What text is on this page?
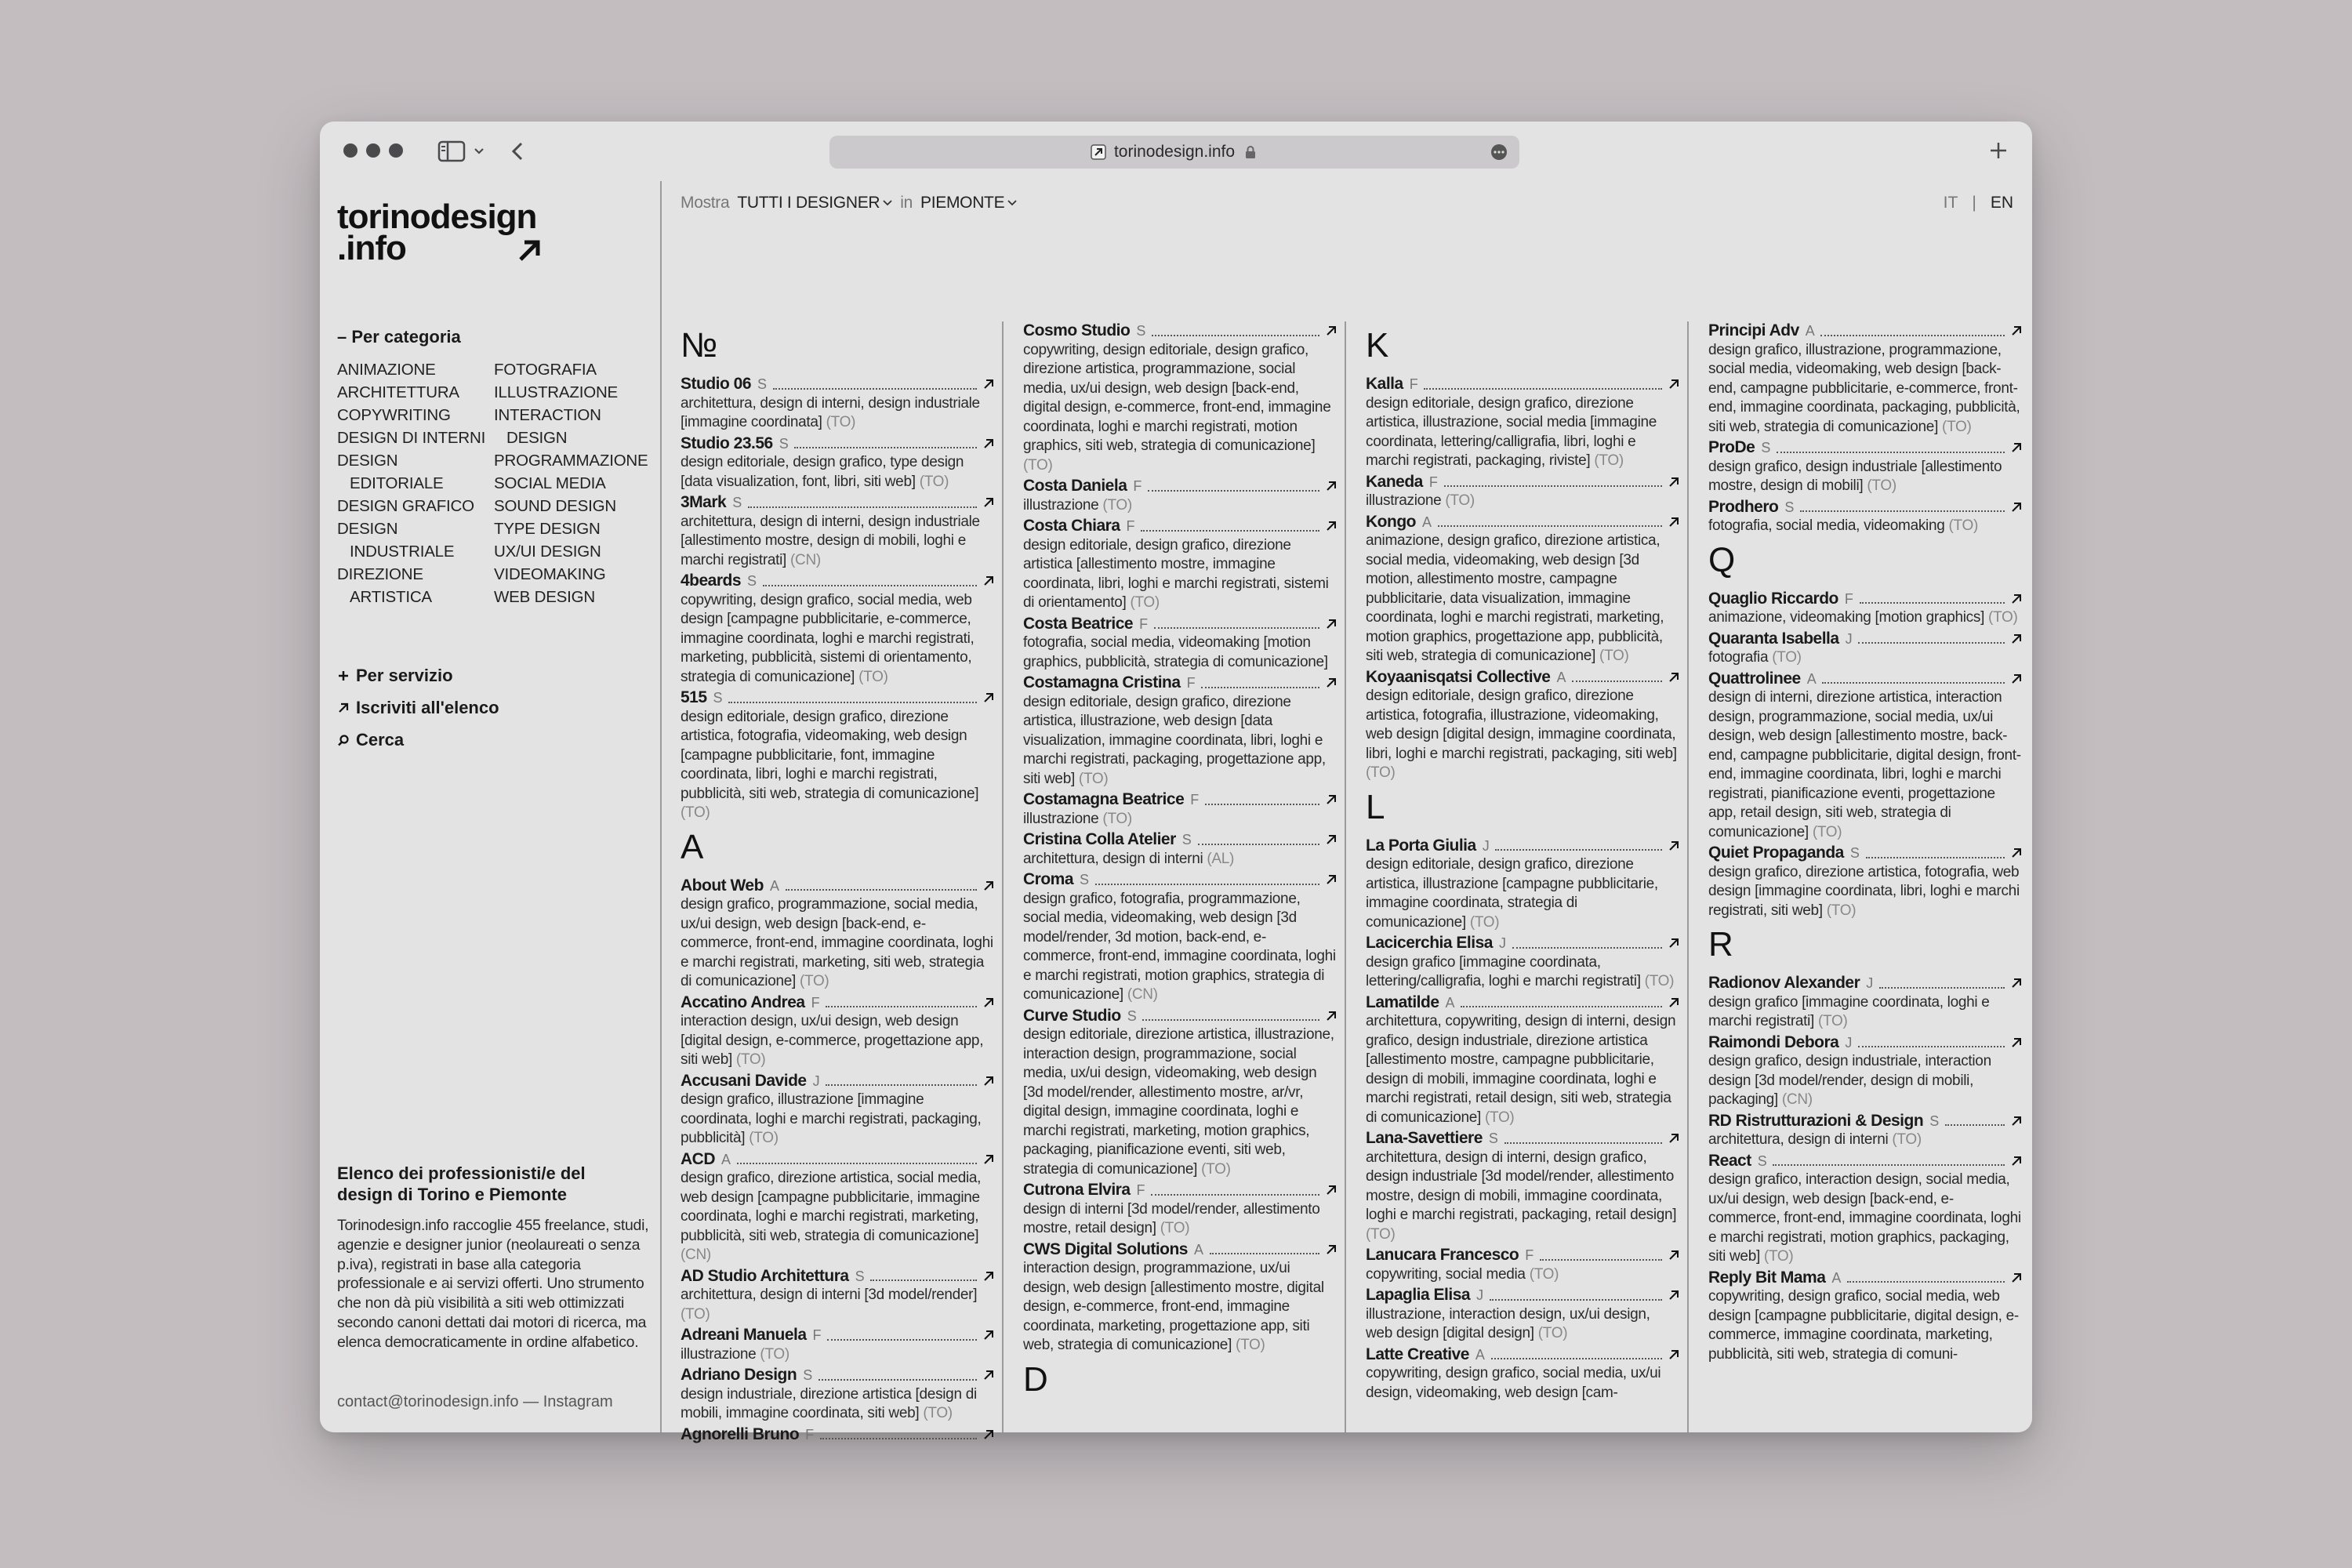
torinodesign.info
torinodesign
.info
– Per categoria
ANIMAZIONE
ARCHITETTURA
COPYWRITING
DESIGN DI INTERNI
DESIGN
EDITORIALE
DESIGN GRAFICO
DESIGN
INDUSTRIALE
DIREZIONE
ARTISTICA
FOTOGRAFIA
ILLUSTRAZIONE
INTERACTION
DESIGN
PROGRAMMAZIONE
SOCIAL MEDIA
SOUND DESIGN
TYPE DESIGN
UX/UI DESIGN
VIDEOMAKING
WEB DESIGN
Per servizio
Iscriviti all'elenco
Cerca
Elenco dei professionisti/e del design di Torino e Piemonte
Torinodesign.info raccoglie 455 freelance, studi, agenzie e designer junior (neolaureati o senza p.iva), registrati in base alla categoria professionale e ai servizi offerti. Uno strumento che non dà più visibilità a siti web ottimizzati secondo canoni dettati dai motori di ricerca, ma elenca democraticamente in ordine alfabetico.
contact@torinodesign.info — Instagram
Mostra TUTTI I DESIGNER in PIEMONTE	IT | EN
№
Studio 06 S
architettura, design di interni, design industriale [immagine coordinata] (TO)
Studio 23.56 S
design editoriale, design grafico, type design [data visualization, font, libri, siti web] (TO)
3Mark S
architettura, design di interni, design industriale [allestimento mostre, design di mobili, loghi e marchi registrati] (CN)
4beards S
copywriting, design grafico, social media, web design [campagne pubblicitarie, e-commerce, immagine coordinata, loghi e marchi registrati, marketing, pubblicità, sistemi di orientamento, strategia di comunicazione] (TO)
515 S
design editoriale, design grafico, direzione artistica, fotografia, videomaking, web design [campagne pubblicitarie, font, immagine coordinata, libri, loghi e marchi registrati, pubblicità, siti web, strategia di comunicazione] (TO)
A
About Web A
design grafico, programmazione, social media, ux/ui design, web design [back-end, e-commerce, front-end, immagine coordinata, loghi e marchi registrati, marketing, siti web, strategia di comunicazione] (TO)
Accatino Andrea F
interaction design, ux/ui design, web design [digital design, e-commerce, progettazione app, siti web] (TO)
Accusani Davide J
design grafico, illustrazione [immagine coordinata, loghi e marchi registrati, packaging, pubblicità] (TO)
ACD A
design grafico, direzione artistica, social media, web design [campagne pubblicitarie, immagine coordinata, loghi e marchi registrati, marketing, pubblicità, siti web, strategia di comunicazione] (CN)
AD Studio Architettura S
architettura, design di interni [3d model/render] (TO)
Adreani Manuela F
illustrazione (TO)
Adriano Design S
design industriale, direzione artistica [design di mobili, immagine coordinata, siti web] (TO)
Agnorelli Bruno F
Cosmo Studio S
copywriting, design editoriale, design grafico, direzione artistica, programmazione, social media, ux/ui design, web design [back-end, digital design, e-commerce, front-end, immagine coordinata, loghi e marchi registrati, motion graphics, siti web, strategia di comunicazione] (TO)
Costa Daniela F
illustrazione (TO)
Costa Chiara F
design editoriale, design grafico, direzione artistica [allestimento mostre, immagine coordinata, libri, loghi e marchi registrati, sistemi di orientamento] (TO)
Costa Beatrice F
fotografia, social media, videomaking [motion graphics, pubblicità, strategia di comunicazione]
Costamagna Cristina F
design editoriale, design grafico, direzione artistica, illustrazione, web design [data visualization, immagine coordinata, libri, loghi e marchi registrati, packaging, progettazione app, siti web] (TO)
Costamagna Beatrice F
illustrazione (TO)
Cristina Colla Atelier S
architettura, design di interni (AL)
Croma S
design grafico, fotografia, programmazione, social media, videomaking, web design [3d model/render, 3d motion, back-end, e-commerce, front-end, immagine coordinata, loghi e marchi registrati, motion graphics, strategia di comunicazione] (CN)
Curve Studio S
design editoriale, direzione artistica, illustrazione, interaction design, programmazione, social media, ux/ui design, videomaking, web design [3d model/render, allestimento mostre, ar/vr, digital design, immagine coordinata, loghi e marchi registrati, marketing, motion graphics, packaging, pianificazione eventi, siti web, strategia di comunicazione] (TO)
Cutrona Elvira F
design di interni [3d model/render, allestimento mostre, retail design] (TO)
CWS Digital Solutions A
interaction design, programmazione, ux/ui design, web design [allestimento mostre, digital design, e-commerce, front-end, immagine coordinata, marketing, progettazione app, siti web, strategia di comunicazione] (TO)
D
K
Kalla F
design editoriale, design grafico, direzione artistica, illustrazione, social media [immagine coordinata, lettering/calligrafia, libri, loghi e marchi registrati, packaging, riviste] (TO)
Kaneda F
illustrazione (TO)
Kongo A
animazione, design grafico, direzione artistica, social media, videomaking, web design [3d motion, allestimento mostre, campagne pubblicitarie, data visualization, immagine coordinata, loghi e marchi registrati, marketing, motion graphics, progettazione app, pubblicità, siti web, strategia di comunicazione] (TO)
Koyaanisqatsi Collective A
design editoriale, design grafico, direzione artistica, fotografia, illustrazione, videomaking, web design [digital design, immagine coordinata, libri, loghi e marchi registrati, packaging, siti web] (TO)
L
La Porta Giulia J
design editoriale, design grafico, direzione artistica, illustrazione [campagne pubblicitarie, immagine coordinata, strategia di comunicazione] (TO)
Lacicerchia Elisa J
design grafico [immagine coordinata, lettering/calligrafia, loghi e marchi registrati] (TO)
Lamatilde A
architettura, copywriting, design di interni, design grafico, design industriale, direzione artistica [allestimento mostre, campagne pubblicitarie, design di mobili, immagine coordinata, loghi e marchi registrati, retail design, siti web, strategia di comunicazione] (TO)
Lana-Savettiere S
architettura, design di interni, design grafico, design industriale [3d model/render, allestimento mostre, design di mobili, immagine coordinata, loghi e marchi registrati, packaging, retail design] (TO)
Lanucara Francesco F
copywriting, social media (TO)
Lapaglia Elisa J
illustrazione, interaction design, ux/ui design, web design [digital design] (TO)
Latte Creative A
copywriting, design grafico, social media, ux/ui design, videomaking, web design [cam-
Principi Adv A
design grafico, illustrazione, programmazione, social media, videomaking, web design [back-end, campagne pubblicitarie, e-commerce, front-end, immagine coordinata, packaging, pubblicità, siti web, strategia di comunicazione] (TO)
ProDe S
design grafico, design industriale [allestimento mostre, design di mobili] (TO)
Prodhero S
fotografia, social media, videomaking (TO)
Q
Quaglio Riccardo F
animazione, videomaking [motion graphics] (TO)
Quaranta Isabella J
fotografia (TO)
Quattrolinee A
design di interni, direzione artistica, interaction design, programmazione, social media, ux/ui design, web design [allestimento mostre, back-end, campagne pubblicitarie, digital design, front-end, immagine coordinata, libri, loghi e marchi registrati, pianificazione eventi, progettazione app, retail design, siti web, strategia di comunicazione] (TO)
Quiet Propaganda S
design grafico, direzione artistica, fotografia, web design [immagine coordinata, libri, loghi e marchi registrati, siti web] (TO)
R
Radionov Alexander J
design grafico [immagine coordinata, loghi e marchi registrati] (TO)
Raimondi Debora J
design grafico, design industriale, interaction design [3d model/render, design di mobili, packaging] (CN)
RD Ristrutturazioni & Design S
architettura, design di interni (TO)
React S
design grafico, interaction design, social media, ux/ui design, web design [back-end, e-commerce, front-end, immagine coordinata, loghi e marchi registrati, motion graphics, packaging, siti web] (TO)
Reply Bit Mama A
copywriting, design grafico, social media, web design [campagne pubblicitarie, digital design, e-commerce, immagine coordinata, marketing, pubblicità, siti web, strategia di comuni-
